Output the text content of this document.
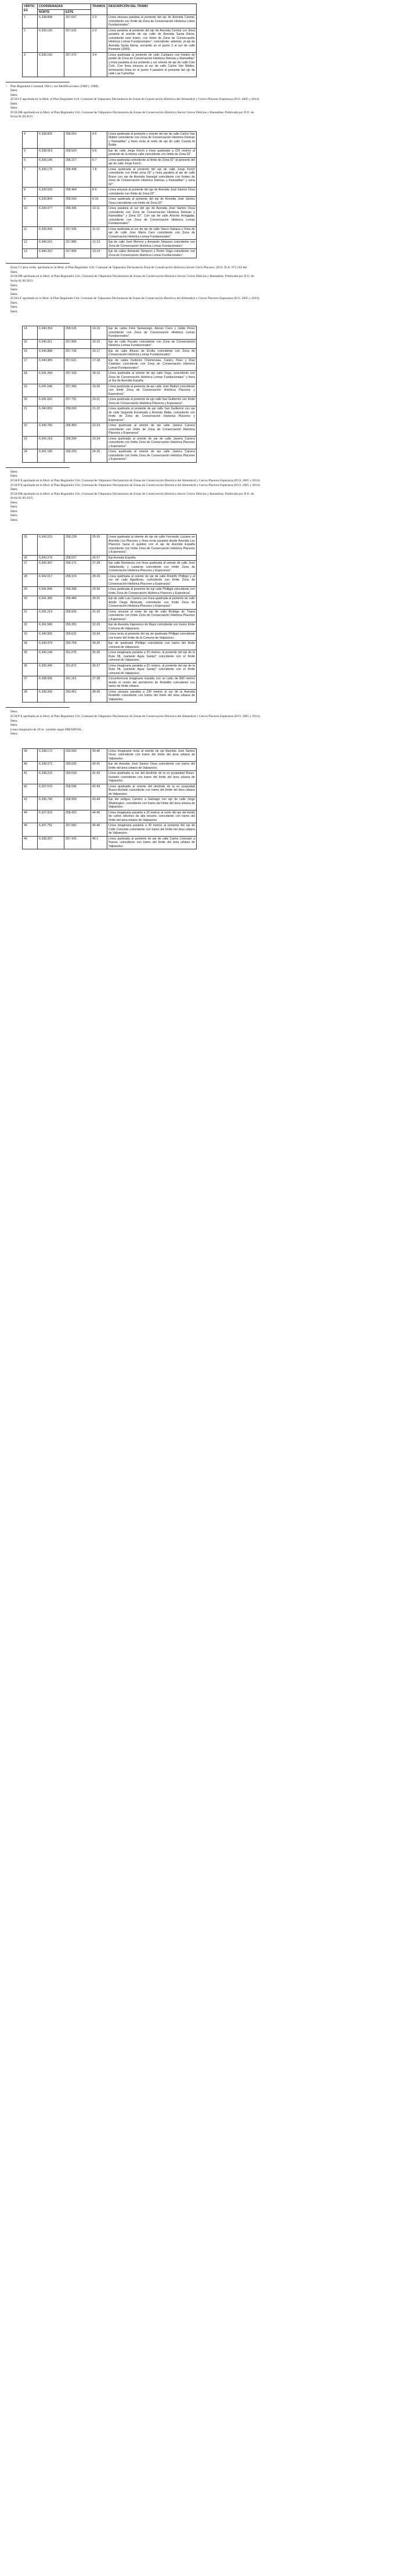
VÉRTICES	COORDENADAS		TRAMOS	DESCRIPCIÓN DEL TRAMO
	NORTE	ESTE		
1	6.338.898	257.697	2-3	Línea sinuosa paralela al poniente del eje de Avenida Central, coincidente con límite de Zona de Conservación Histórica Lobos Fundacionales".
2	6.339.135	257.632	2-3	Línea paralela al poniente del eje de Avenida Central con línea paralela al oriente de eje calle de Avenida Santa Elena, coincidente este tramo, con límite de Zona de Conservación Histórica Lomas Fundacionales", coincidente, además, al eje de Avenida Santa Elena, cerrando en el punto 3 al sur de calle Poniente (2009).
3	6.339.150	257.372	3-4	Línea quebrada al poniente de calle Cantauro con fondos de predio de Zona de Conservación Histórica Delicias y Ramaditas" y línea paralela al sur poniente y sur oriente de eje de calle Colo Colo. Con línea sinuosa al sur de calle Carlos Van Mallen, terminando línea en el punto 4 paralelo al poniente del eje de calle Las Cameñas.
1	Plan Regulador Comunal 1984 y sus Modificaciones (1986 y 1988).
Ídem.
Ídem.
ZCH-I.F aprobada en la Mod. al Plan Regulador Urb. Comunal de Valparaíso Declaratoria de Zonas de Conservación Histórica del Almendral y Cerros Placeres Esperanza (D.O. 2005 y 2014).
Ídem.
Ídem.
ZCH-DR aprobada en la Mod. al Plan Regulador Urb. Comunal de Valparaíso Declaratoria de Zonas de Conservación Histórica Sector Cerros Delicias y Ramaditas. Publicada por D.O. de fecha 01.09.2015.
4	6.338.826	258.053	4-5	Línea quebrada al poniente y oriente del eje de calle Carlos Van Mallen coincidente con Zona de Conservación Histórica Delicias y Ramaditas" y línea recta al norte de eje de calle Cuesta El Roble.
5	6.338.919	258.529	5-6	Eje de calle Jorge Kerch y línea quebrada a 220 metros al poniente de la misma calle coincidente con límite de Zona 02".
6	6.339.146	258.217	6-7	Línea quebrada coincidente al límite de Zona 02" al poniente del eje de calle Jorge Kerch.
7	6.339.175	258.408	7-8	Línea quebrada al poniente del eje de calle Jorge Kerch coincidente con límite zona 02" y línea paralela al eje de calle Bravo con eje de Avenida Naranjal coincidente con límites de Zona de Conservación Histórica Delicias y Ramaditas" y zona 02".
8	6.339.593	258.464	8-9	Línea sinuosa al poniente del eje de Avenida José Santos Ossa coincidente con límite de Zona 02".
9	6.339.864	258.559	9-10	Línea quebrada al poniente del eje de Avenida José Santos Ossa coincidente con límite de Zona 02".
10	6.339.977	258.306	10-11	Línea paralela al sur del eje de Avenida José Santos Ossa coincidente con Zona de Conservación Histórica Delicias y Ramaditas" y Zona 02". Con eje de calle Aniceto Arriagada, coincidente con Zona de Conservación Histórica Lomas Fundacionales".
11	6.339.926	257.936	11-12	Línea quebrada al sur de eje de calle Vasco Valsasa y línea de eje de calle Jose María Caro coincidente con Zona de Conservación Histórica Lomas Fundacionales".
12	6.340.015	257.885	12-13	Eje de calle José Moreno y Armando Simpson coincidente con Zona de Conservación Histórica Lomas Fundacionales".
13	6.340.262	257.899	13-14	Eje de calles Armando Simpson y Pedro Vega coincidente con Zona de Conservación Histórica Lomas Fundacionales".
Zona C3 área verde, aprobada en la Mod. al Plan Regulador Urb. Comunal de Valparaíso Declaratoria Zona de Conservación Histórica Sector Cerro Placeres. (D.O. D.A. Nº2.342 del
Ídem.
ZCH-DR aprobada en la Mod. al Plan Regulador Urb. Comunal de Valparaíso Declaratoria de Zonas de Conservación Histórica Sector Cerros Delicias y Ramaditas. Publicada por D.O. de fecha 01.09.2015.
Ídem.
Ídem.
Ídem.
ZCH-LF aprobada en la Mod. al Plan Regulador Urb. Comunal de Valparaíso Declaratoria de Zonas de Conservación Histórica del Almendral y Cerros Placeres Esperanza (D.O. 2005 y 2014).
Ídem.
Ídem.
Ídem.
14	6.340.354	258.535	14-15	Eje de calles Félix Samaniego, Alonso Cano y Julián Pérez coincidente con Zona de Conservación Histórica Lomas Fundacionales".
15	6.340.651	257.809	15-16	Eje de calle Pacabo coincidente con Zona de Conservación Histórica Lomas Fundacionales".
16	6.340.888	257.736	16-17	Eje de calle Alonso de Ercilla coincidente con Zona de Conservación Histórica Lomas Fundacionales".
17	6.340.989	257.621	17-18	Eje de calles Federico Chemeneau, Castro, Paso y Díaz Cadedes coincidente con Zona de Conservación Histórica Lomas Fundacionales".
18	6.341.284	257.333	18-19	Línea quebrada al oriente de eje calle Vega, coincidente con Zona de Conservación Histórica Lomas Fundacionales" y línea al Sur de Avenida España.
19	6.341.546	257.380	19-20	Línea quebrada al poniente de eje calle José Mallart coincidente con límite Zona de Conservación Histórica Placeres y Esperanza".
20	6.341.662	257.791	20-21	Línea quebrada al poniente de eje calle San Guillermo con límite Zona de Conservación Histórica Placeres y Esperanza".
21	6.340.859	258.069	21-22	Línea quebrada al poniente de eje calle San Guillermo con eje de calle Segunda Enramada y Avenida Matta, coincidente con límite de Zona de Conservación Histórica Placeres y Esperanza".
22	6.340.700	258.459	22-23	Línea quebrada al oriente de eje calle Javiera Carrera coincidente con límite de Zona de Conservación Histórica Placeres y Esperanza".
23	6.341.018	258.394	23-24	Línea quebrada al oriente de eje de calle Javiera Carrera coincidente con límite Zona de Conservación Histórica Placeres y Esperanza".
24	6.341.189	258.259	24-25	Línea quebrada al oriente de eje calle Javiera Carrera coincidente con límite Zona de Conservación Histórica Placeres y Esperanza".
Ídem.
Ídem.
ZCH-P E aprobada en la Mod. al Plan Regulador Urb. Comunal de Valparaíso Declaratoria de Zonas de Conservación Histórica del Almendral y Cerros Placeres Esperanza (D.O. 2005 y 2014).
ZCH-P E aprobada en la Mod. al Plan Regulador Urb. Comunal de Valparaíso Declaratoria de Zonas de Conservación Histórica del Almendral y Cerros Placeres Esperanza (D.O. 2005 y 2014).
Ídem.
ZCH-DR aprobada en la Mod. al Plan Regulador Urb. Comunal de Valparaíso Declaratoria de Zonas de Conservación Histórica Sector Cerros Delicias y Ramaditas. Publicada por D.O. de fecha 01.09.2015.
Ídem.
Ídem.
Ídem.
Ídem.
Ídem.
25	6.342.023	258.228	25-26	Línea quebrada al oriente de eje de calle Fernando Lizzana en Avenida Los Placeres y línea recta paralela desde Avenida Los Placeres hacia el quiebre con el eje de Avenida España coincidente con límite Zona de Conservación Histórica Placeres y Esperanza".
26	6.342.078	258.027	26-27	Eje Avenida España.
27	6.342.387	258.171	27-28	Eje calle Numancia con línea quebrada al oriente de calle José Valdebenito y Lastarria coincidente con límite Zona de Conservación Histórica Placeres y Esperanza".
28	6.342.017	258.374	28-29	Línea quebrada al oriente de eje de calle Rodolfo Phillippi y al sur de calle Aguilleras, coincidente con límite Zona de Conservación Histórica Placeres y Esperanza".
29	6.341.845	258.398	29-30	Línea quebrada al poniente de eje calle Phillippi coincidente con límite Zona de Conservación Histórica Placeres y Esperanza".
30	6.341.389	258.484	30-31	Eje de calle Luis Carrera con línea quebrada al poniente de calle Alcide Diego Almeyda, coincidente con límite Zona de Conservación Histórica Placeres y Esperanza".
31	6.341.219	258.935	31-32	Línea sinuosa al norte de eje de calle Rodrigo de Triana coincidente con límite Zona de Conservación Histórica Placeres y Esperanza".
32	6.341.586	259.301	32-33	Eje de Avenida Ingenieros de Mayo coincidente con tramo límite Comuna de Valparaíso.
33	6.340.992	259.632	33-34	Línea recta al poniente del eje de quebrada Phillippi coincidente con tramo del límite de la Comuna de Valparaíso.
34	6.340.479	259.764	34-35	Eje de quebrada Phillippi coincidente con tramo del límite comunal de Valparaíso.
35	6.340.144	261.076	35-36	Línea imaginaria paralela a 20 metros, al poniente del eje de la Ruta 68, (variante Agua Santa)" coincidente con el límite comunal de Valparaíso.
36	6.339.340	261.871	36-37	Línea imaginaria paralela a 20 metros, al poniente del eje de la Ruta 68, (variante Agua Santa)" coincidente con el límite comunal de Valparaíso.
37	6.338.936	261.261	37-38	Circunferencia imaginaria trazada con un radio de 800 metros desde el centro del aeródromo de Rodelillo coincidente con tramo de límite urbano.
38	6.338.266	260.451	38-39	Línea sinuosa paralela a 230 metros al sur de la Avenida Rodelillo coincidente con tramo del límite del área urbana de Valparaíso.
Ídem.
ZCH-P E aprobada en la Mod. al Plan Regulador Urb. Comunal de Valparaíso Declaratoria de Zonas de Conservación Histórica del Almendral y Cerros Placeres Esperanza (D.O. 2005 y 2014).
Ídem.
Ídem.
Línea imaginaria de 20 m. variable según PRESMVAL.
Ídem.
39	6.338.172	259.502	39-40	Línea imaginaria recta al oriente de eje Avenida José Santos Ossa, coincidente con tramo del límite del área urbana de Valparaíso.
40	6.338.372	259.026	40-41	Eje de Avenida José Santos Ossa coincidente con tramo del límite del área urbana de Valparaíso.
41	6.338.222	259.018	41-42	Línea quebrada al sur del deslinde de la ex propiedad Braun-Hurtado coincidente con tramo del límite del área urbana de Valparaíso.
42	6.337.570	258.596	42-43	Línea quebrada al oriente del deslinde de la ex propiedad Braun-Hurtado coincidente con tramo del límite del área urbana de Valparaíso.
43	6.336.740	258.958	43-44	Eje del antiguo Camino a Santiago con eje de calle Jorge Washington, coincidente con tramo del límite del área urbana de Valparaíso.
44	6.337.923	258.423	44-45	Línea imaginaria paralela a 20 metros al norte del eje del borde de cañón eléctrico de alta tensión, coincidente con tramo del límite del área urbana de Valparaíso.
45	6.337.791	257.582	45-46	Línea imaginaria paralela a 30 metros al poniente del eje de Calle Colorado coincidente con tramo del límite del área urbana de Valparaíso.
46	6.338.207	257.425	46-1	Línea quebrada al poniente de eje de calle Carlos Colorado a Nueva, coincidente con tramo del límite del área urbana de Valparaíso.
